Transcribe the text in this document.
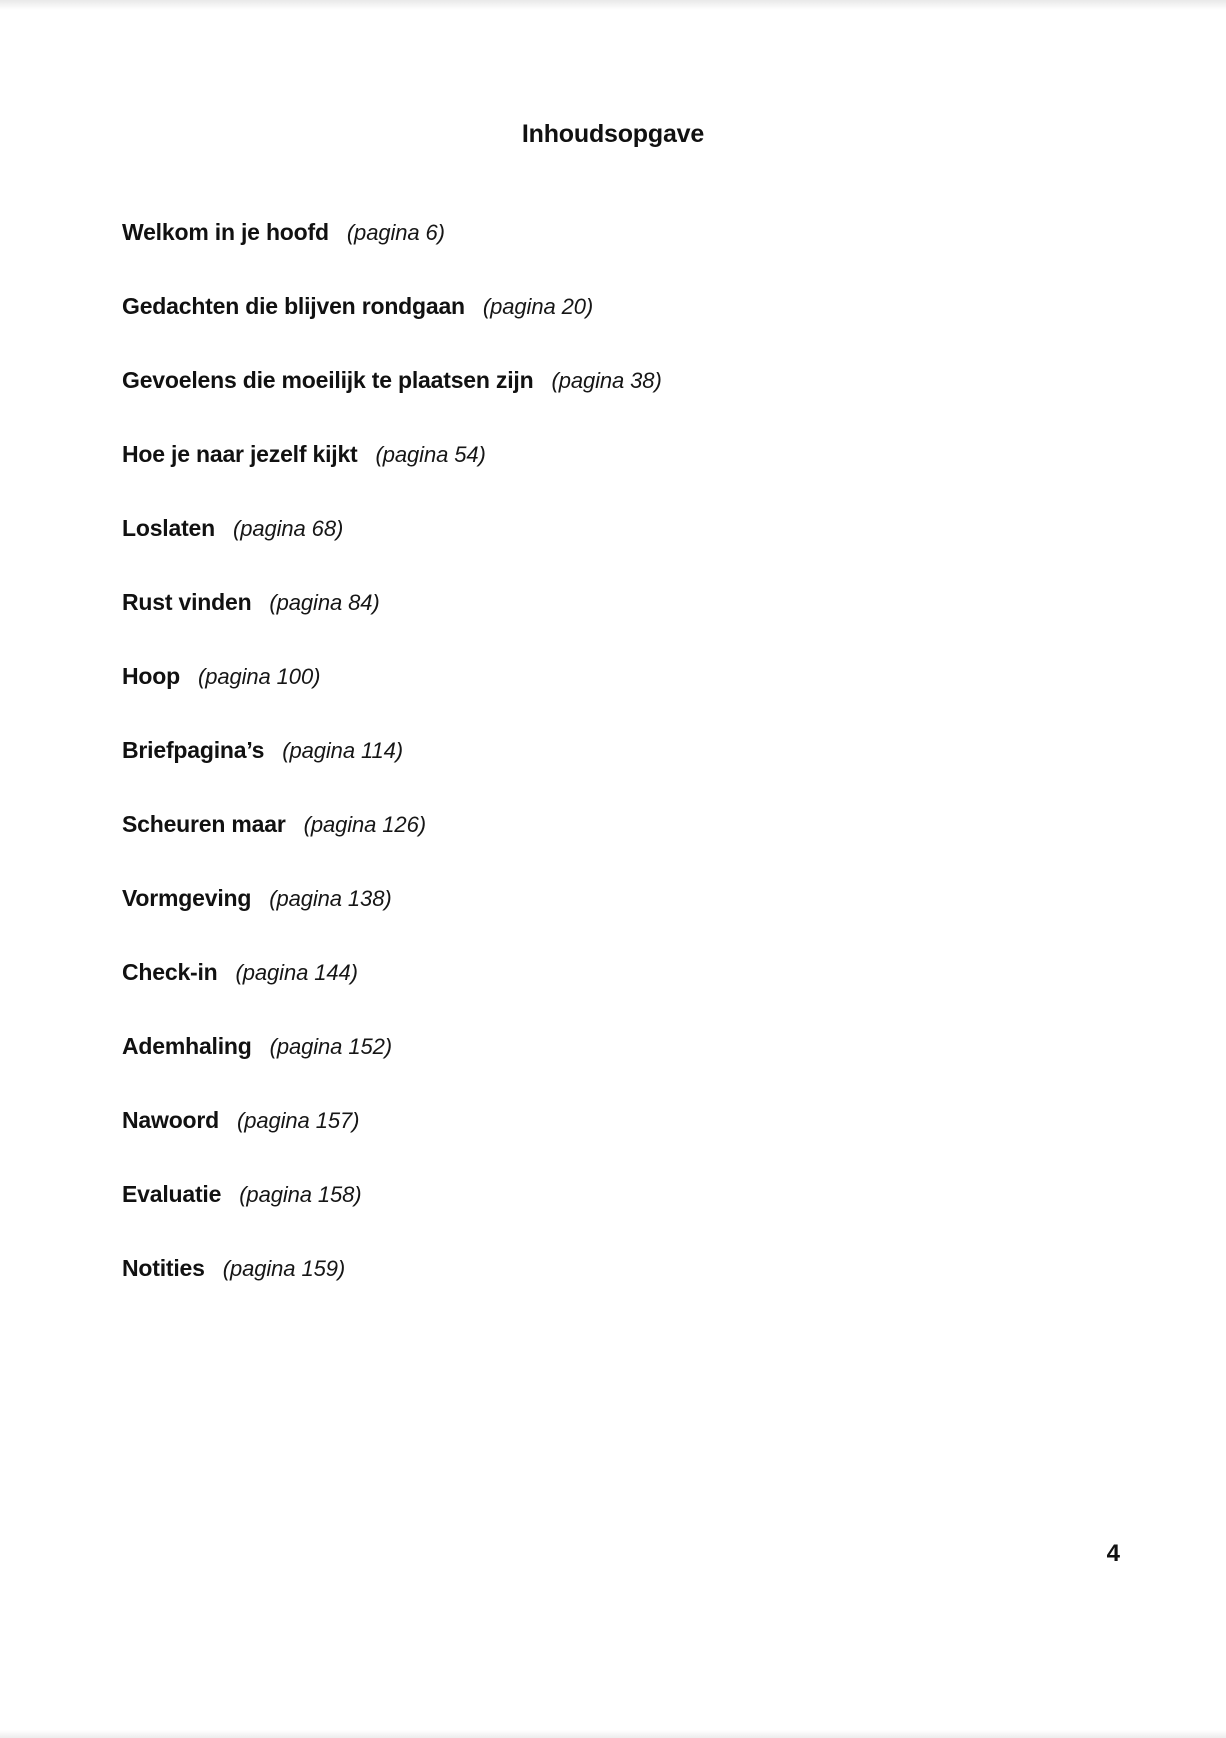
Inhoudsopgave
Welkom in je hoofd (pagina 6)
Gedachten die blijven rondgaan (pagina 20)
Gevoelens die moeilijk te plaatsen zijn (pagina 38)
Hoe je naar jezelf kijkt (pagina 54)
Loslaten (pagina 68)
Rust vinden (pagina 84)
Hoop (pagina 100)
Briefpagina’s (pagina 114)
Scheuren maar (pagina 126)
Vormgeving (pagina 138)
Check-in (pagina 144)
Ademhaling (pagina 152)
Nawoord (pagina 157)
Evaluatie (pagina 158)
Notities (pagina 159)
4
